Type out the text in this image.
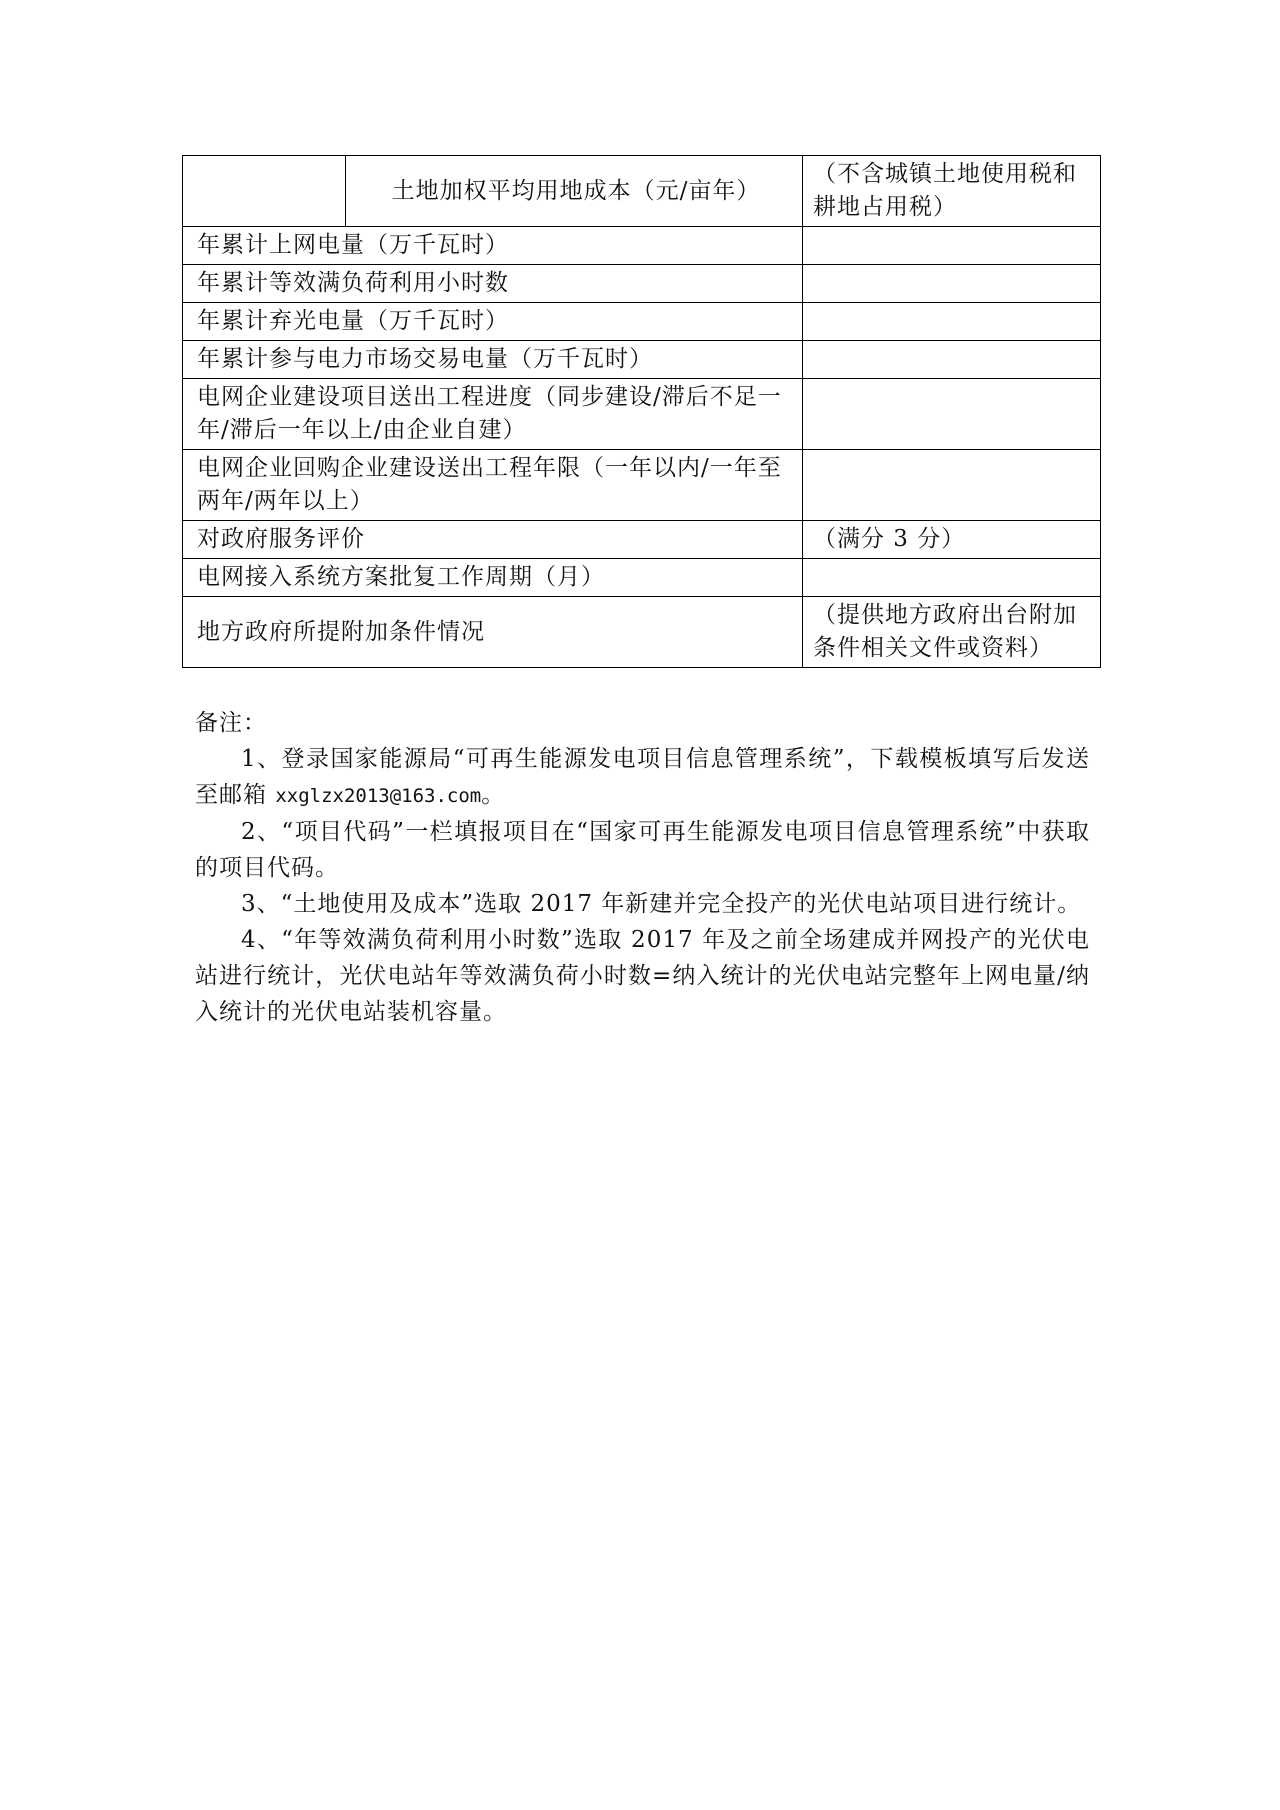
	土地加权平均用地成本（元/亩年）	（不含城镇土地使用税和耕地占用税）
年累计上网电量（万千瓦时）		
年累计等效满负荷利用小时数		
年累计弃光电量（万千瓦时）		
年累计参与电力市场交易电量（万千瓦时）		
电网企业建设项目送出工程进度（同步建设/滞后不足一年/滞后一年以上/由企业自建）		
电网企业回购企业建设送出工程年限（一年以内/一年至两年/两年以上）		
对政府服务评价		（满分 3 分）
电网接入系统方案批复工作周期（月）		
地方政府所提附加条件情况		（提供地方政府出台附加条件相关文件或资料）

备注：

1、登录国家能源局“可再生能源发电项目信息管理系统”，下载模板填写后发送至邮箱 xxglzx2013@163.com。

2、“项目代码”一栏填报项目在“国家可再生能源发电项目信息管理系统”中获取的项目代码。

3、“土地使用及成本”选取 2017 年新建并完全投产的光伏电站项目进行统计。

4、“年等效满负荷利用小时数”选取 2017 年及之前全场建成并网投产的光伏电站进行统计，光伏电站年等效满负荷小时数=纳入统计的光伏电站完整年上网电量/纳入统计的光伏电站装机容量。
